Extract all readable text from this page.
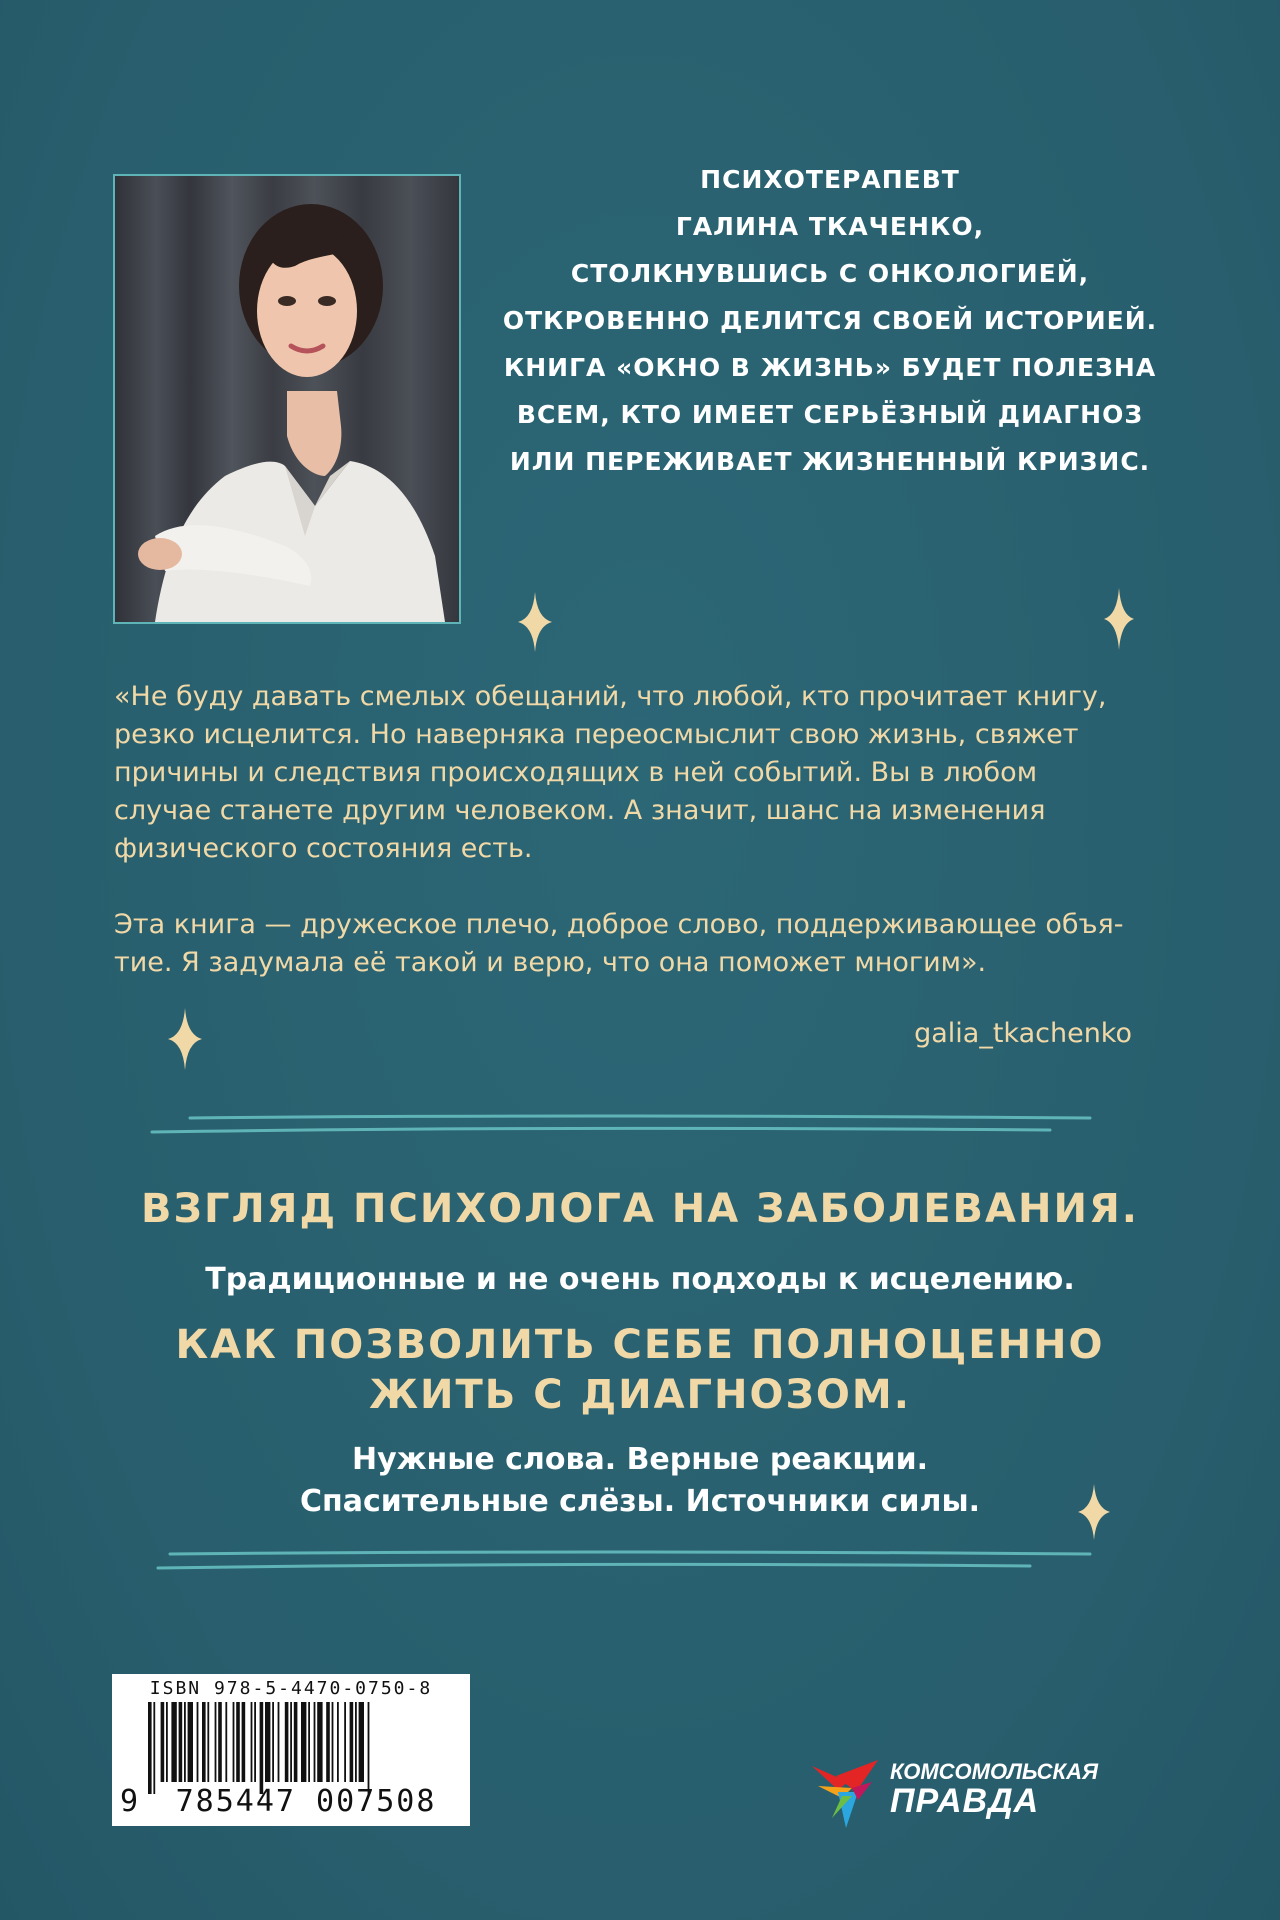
ПСИХОТЕРАПЕВТ
ГАЛИНА ТКАЧЕНКО,
СТОЛКНУВШИСЬ С ОНКОЛОГИЕЙ,
ОТКРОВЕННО ДЕЛИТСЯ СВОЕЙ ИСТОРИЕЙ.
КНИГА «ОКНО В ЖИЗНЬ» БУДЕТ ПОЛЕЗНА
ВСЕМ, КТО ИМЕЕТ СЕРЬЁЗНЫЙ ДИАГНОЗ
ИЛИ ПЕРЕЖИВАЕТ ЖИЗНЕННЫЙ КРИЗИС.

«Не буду давать смелых обещаний, что любой, кто прочитает книгу,

резко исцелится. Но наверняка переосмыслит свою жизнь, свяжет

причины и следствия происходящих в ней событий. Вы в любом

случае станете другим человеком. А значит, шанс на изменения

физического состояния есть.

Эта книга — дружеское плечо, доброе слово, поддерживающее объя-

тие. Я задумала её такой и верю, что она поможет многим».

galia_tkachenko
ВЗГЛЯД ПСИХОЛОГА НА ЗАБОЛЕВАНИЯ.
Традиционные и не очень подходы к исцелению.
КАК ПОЗВОЛИТЬ СЕБЕ ПОЛНОЦЕННО
ЖИТЬ С ДИАГНОЗОМ.
Нужные слова. Верные реакции.
Спасительные слёзы. Источники силы.
ISBN 978-5-4470-0750-8
9	785447 007508
КОМСОМОЛЬСКАЯ
ПРАВДА
